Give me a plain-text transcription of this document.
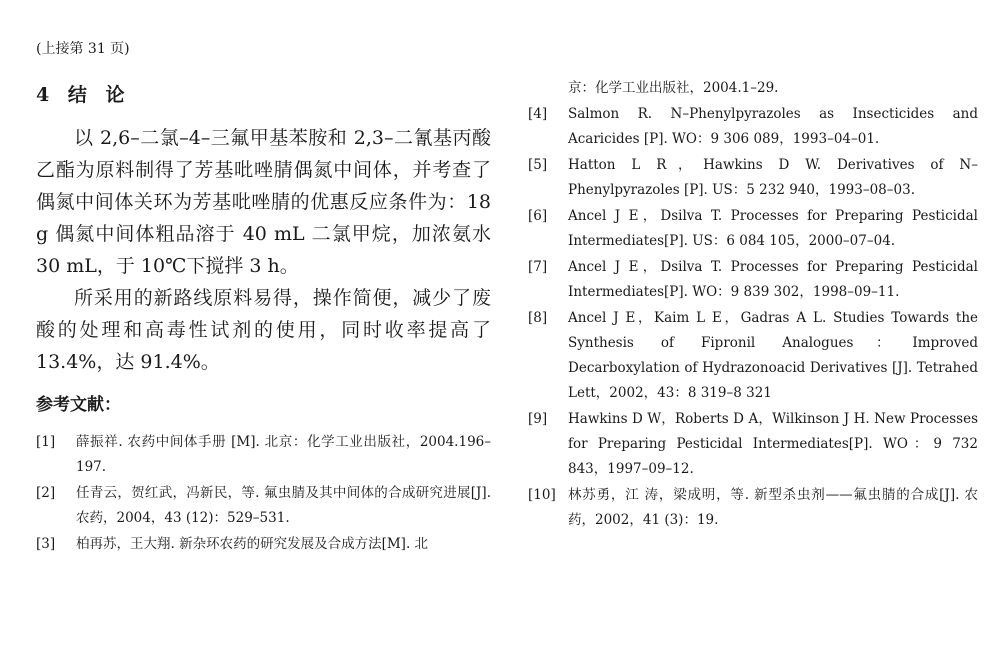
(上接第 31 页)
4 结 论

以 2,6–二氯–4–三氟甲基苯胺和 2,3–二氰基丙酸乙酯为原料制得了芳基吡唑腈偶氮中间体，并考查了偶氮中间体关环为芳基吡唑腈的优惠反应条件为：18 g 偶氮中间体粗品溶于 40 mL 二氯甲烷，加浓氨水 30 mL，于 10℃下搅拌 3 h。

所采用的新路线原料易得，操作简便，减少了废酸的处理和高毒性试剂的使用，同时收率提高了 13.4%，达 91.4%。

参考文献：
[1] 薛振祥. 农药中间体手册 [M]. 北京：化学工业出版社，2004.196–197.
[2] 任青云，贺红武，冯新民，等. 氟虫腈及其中间体的合成研究进展[J]. 农药，2004，43 (12)：529–531.
[3] 柏再苏，王大翔. 新杂环农药的研究发展及合成方法[M]. 北
京：化学工业出版社，2004.1–29.
[4] Salmon R. N–Phenylpyrazoles as Insecticides and Acaricides [P]. WO：9 306 089，1993–04–01.
[5] Hatton L R，Hawkins D W. Derivatives of N–Phenylpyrazoles [P]. US：5 232 940，1993–08–03.
[6] Ancel J E，Dsilva T. Processes for Preparing Pesticidal Intermediates[P]. US：6 084 105，2000–07–04.
[7] Ancel J E，Dsilva T. Processes for Preparing Pesticidal Intermediates[P]. WO：9 839 302，1998–09–11.
[8] Ancel J E，Kaim L E，Gadras A L. Studies Towards the Synthesis of Fipronil Analogues：Improved Decarboxylation of Hydrazonoacid Derivatives [J]. Tetrahed Lett，2002，43：8 319–8 321
[9] Hawkins D W，Roberts D A，Wilkinson J H. New Processes for Preparing Pesticidal Intermediates[P]. WO：9 732 843，1997–09–12.
[10] 林苏勇，江 涛，梁成明，等. 新型杀虫剂——氟虫腈的合成[J]. 农药，2002，41 (3)：19.
